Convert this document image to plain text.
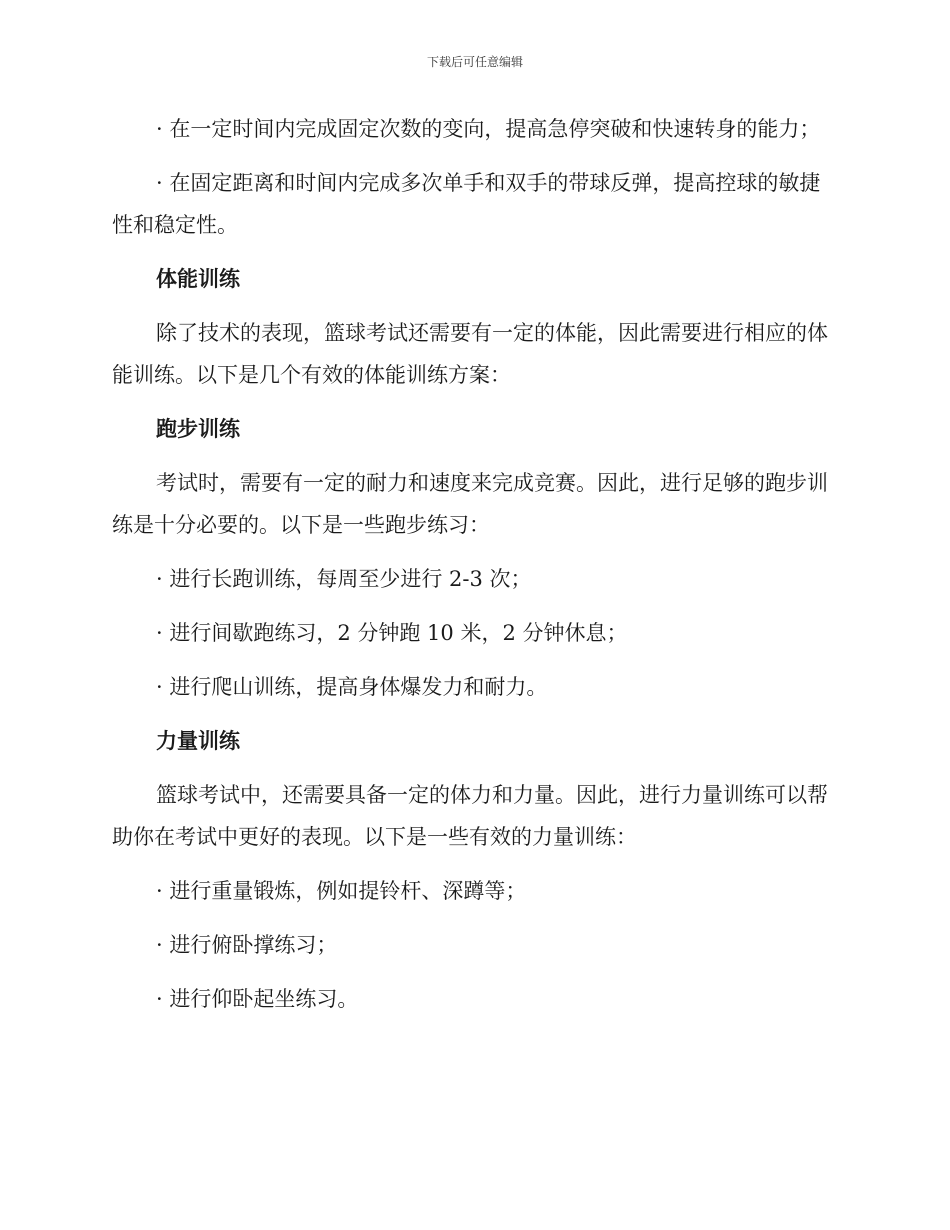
下载后可任意编辑

· 在一定时间内完成固定次数的变向，提高急停突破和快速转身的能力；

· 在固定距离和时间内完成多次单手和双手的带球反弹，提高控球的敏捷性和稳定性。

体能训练

除了技术的表现，篮球考试还需要有一定的体能，因此需要进行相应的体能训练。以下是几个有效的体能训练方案：

跑步训练

考试时，需要有一定的耐力和速度来完成竞赛。因此，进行足够的跑步训练是十分必要的。以下是一些跑步练习：

· 进行长跑训练，每周至少进行 2-3 次；

· 进行间歇跑练习，2 分钟跑 10 米，2 分钟休息；

· 进行爬山训练，提高身体爆发力和耐力。

力量训练

篮球考试中，还需要具备一定的体力和力量。因此，进行力量训练可以帮助你在考试中更好的表现。以下是一些有效的力量训练：

· 进行重量锻炼，例如提铃杆、深蹲等；

· 进行俯卧撑练习；

· 进行仰卧起坐练习。
